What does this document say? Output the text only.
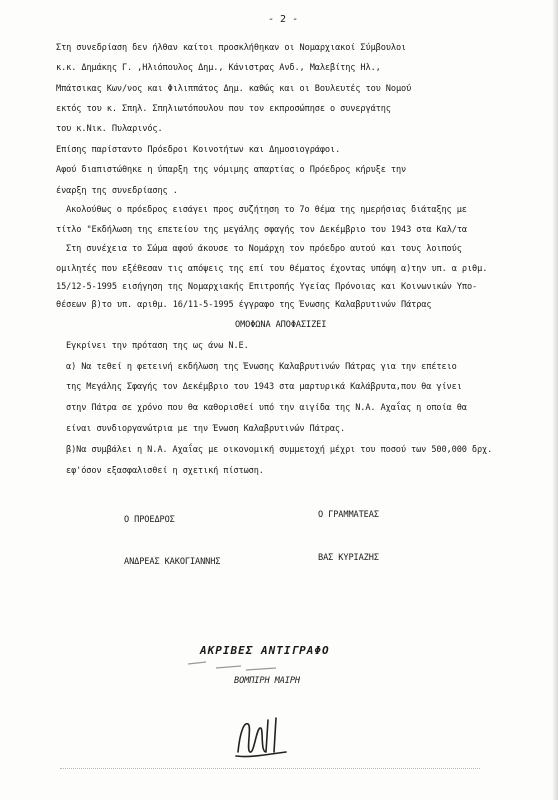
- 2 -
Στη συνεδρίαση δεν ήλθαν καίτοι προσκλήθηκαν οι Νομαρχιακοί Σύμβουλοι
κ.κ. Δημάκης Γ. ,Ηλιόπουλος Δημ., Κάνιστρας Ανδ., Μαλεβίτης Ηλ.,
Μπάτσικας Κων/νος και Φιλιππάτος Δημ. καθώς και οι Βουλευτές του Νομού
εκτός του κ. Σπηλ. Σπηλιωτόπουλου που τον εκπροσώπησε ο συνεργάτης
του κ.Νικ. Πυλαρινός.
Επίσης παρίσταντο Πρόεδροι Κοινοτήτων και Δημοσιογράφοι.
Αφού διαπιστώθηκε η ύπαρξη της νόμιμης απαρτίας ο Πρόεδρος κήρυξε την
έναρξη της συνεδρίασης .
Ακολούθως ο πρόεδρος εισάγει προς συζήτηση το 7ο θέμα της ημερήσιας διάταξης με
τίτλο "Εκδήλωση της επετείου της μεγάλης σφαγής τον Δεκέμβριο του 1943 στα Καλ/τα
Στη συνέχεια το Σώμα αφού άκουσε το Νομάρχη τον πρόεδρο αυτού και τους λοιπούς
ομιλητές που εξέθεσαν τις απόψεις της επί του θέματος έχοντας υπόψη α)την υπ. α ριθμ.
15/12-5-1995 εισήγηση της Νομαρχιακής Επιτροπής Υγείας Πρόνοιας και Κοινωνικών Υπο-
θέσεων β)το υπ. αριθμ. 16/11-5-1995 έγγραφο της Ένωσης Καλαβρυτινών Πάτρας
ΟΜΟΦΩΝΑ ΑΠΟΦΑΣΙΖΕΙ
Εγκρίνει την πρόταση της ως άνω Ν.Ε.
α) Να τεθεί η φετεινή εκδήλωση της Ένωσης Καλαβρυτινών Πάτρας για την επέτειο
της Μεγάλης Σφαγής τον Δεκέμβριο του 1943 στα μαρτυρικά Καλάβρυτα,που θα γίνει
στην Πάτρα σε χρόνο που θα καθορισθεί υπό την αιγίδα της Ν.Α. Αχαΐας η οποία θα
είναι συνδιοργανώτρια με την Ένωση Καλαβρυτινών Πάτρας.
β)Να συμβάλει η Ν.Α. Αχαΐας με οικονομική συμμετοχή μέχρι του ποσού των 500,000 δρχ.
εφ'όσον εξασφαλισθεί η σχετική πίστωση.
Ο ΠΡΟΕΔΡΟΣ	Ο ΓΡΑΜΜΑΤΕΑΣ
ΑΝΔΡΕΑΣ ΚΑΚΟΓΙΑΝΝΗΣ	ΒΑΣ ΚΥΡΙΑΖΗΣ
ΑΚΡΙΒΕΣ ΑΝΤΙΓΡΑΦΟ
ΒΟΜΠΙΡΗ ΜΑΙΡΗ
